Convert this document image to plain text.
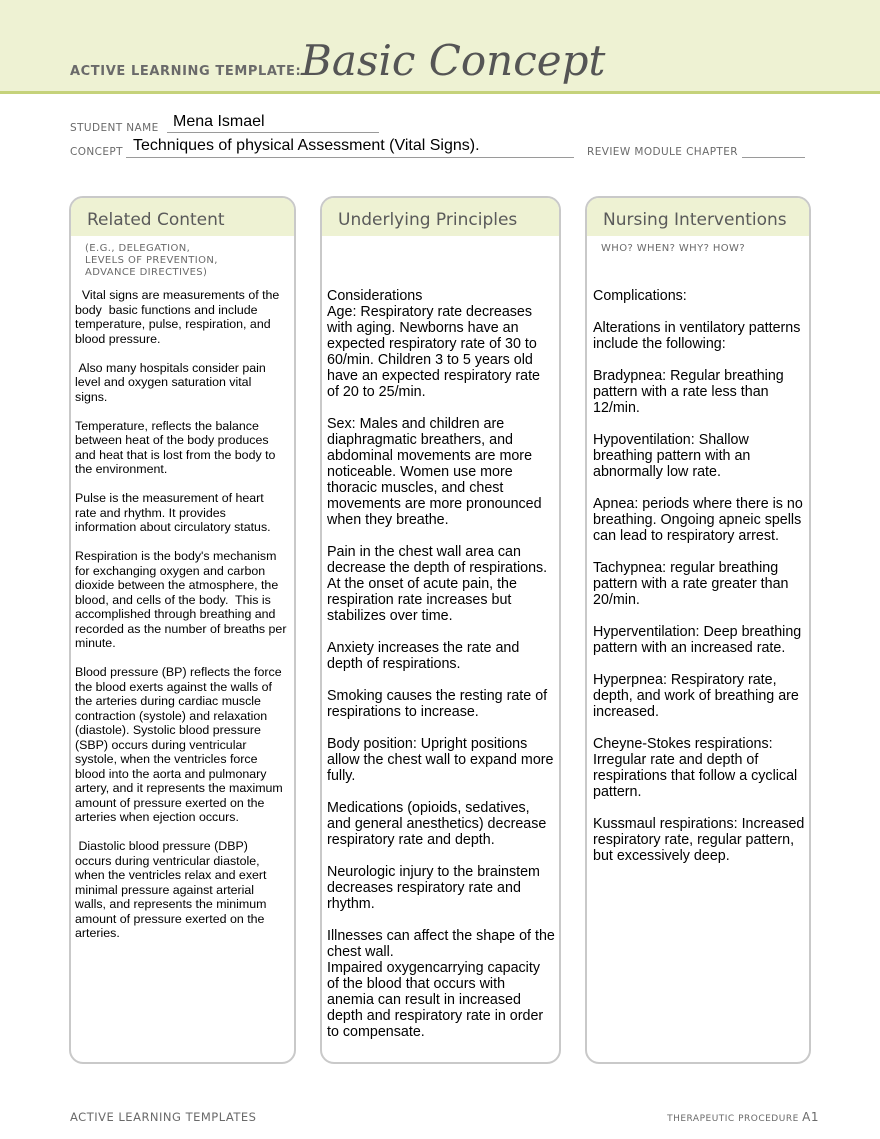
ACTIVE LEARNING TEMPLATE: Basic Concept
STUDENT NAME Mena Ismael
CONCEPT Techniques of physical Assessment (Vital Signs).	REVIEW MODULE CHAPTER
Related Content
(E.G., DELEGATION,
LEVELS OF PREVENTION,
ADVANCE DIRECTIVES)
Vital signs are measurements of the body  basic functions and include temperature, pulse, respiration, and blood pressure.

Also many hospitals consider pain level and oxygen saturation vital signs.

Temperature, reflects the balance between heat of the body produces and heat that is lost from the body to the environment.

Pulse is the measurement of heart rate and rhythm. It provides information about circulatory status.

Respiration is the body's mechanism for exchanging oxygen and carbon dioxide between the atmosphere, the blood, and cells of the body.  This is accomplished through breathing and recorded as the number of breaths per minute.

Blood pressure (BP) reflects the force the blood exerts against the walls of the arteries during cardiac muscle contraction (systole) and relaxation (diastole). Systolic blood pressure (SBP) occurs during ventricular systole, when the ventricles force blood into the aorta and pulmonary artery, and it represents the maximum amount of pressure exerted on the arteries when ejection occurs.

Diastolic blood pressure (DBP) occurs during ventricular diastole, when the ventricles relax and exert minimal pressure against arterial walls, and represents the minimum amount of pressure exerted on the arteries.
Underlying Principles
Considerations
Age: Respiratory rate decreases with aging. Newborns have an expected respiratory rate of 30 to 60/min. Children 3 to 5 years old have an expected respiratory rate of 20 to 25/min.

Sex: Males and children are diaphragmatic breathers, and abdominal movements are more noticeable. Women use more thoracic muscles, and chest movements are more pronounced when they breathe.

Pain in the chest wall area can decrease the depth of respirations. At the onset of acute pain, the respiration rate increases but stabilizes over time.

Anxiety increases the rate and depth of respirations.

Smoking causes the resting rate of respirations to increase.

Body position: Upright positions allow the chest wall to expand more fully.

Medications (opioids, sedatives, and general anesthetics) decrease respiratory rate and depth.

Neurologic injury to the brainstem decreases respiratory rate and rhythm.

Illnesses can affect the shape of the chest wall.
Impaired oxygencarrying capacity of the blood that occurs with anemia can result in increased depth and respiratory rate in order to compensate.
Nursing Interventions
WHO? WHEN? WHY? HOW?
Complications:

Alterations in ventilatory patterns include the following:

Bradypnea: Regular breathing pattern with a rate less than 12/min.

Hypoventilation: Shallow breathing pattern with an abnormally low rate.

Apnea: periods where there is no breathing. Ongoing apneic spells can lead to respiratory arrest.

Tachypnea: regular breathing pattern with a rate greater than 20/min.

Hyperventilation: Deep breathing pattern with an increased rate.

Hyperpnea: Respiratory rate, depth, and work of breathing are increased.

Cheyne-Stokes respirations: Irregular rate and depth of respirations that follow a cyclical pattern.

Kussmaul respirations: Increased respiratory rate, regular pattern, but excessively deep.
ACTIVE LEARNING TEMPLATES	THERAPEUTIC PROCEDURE A1
